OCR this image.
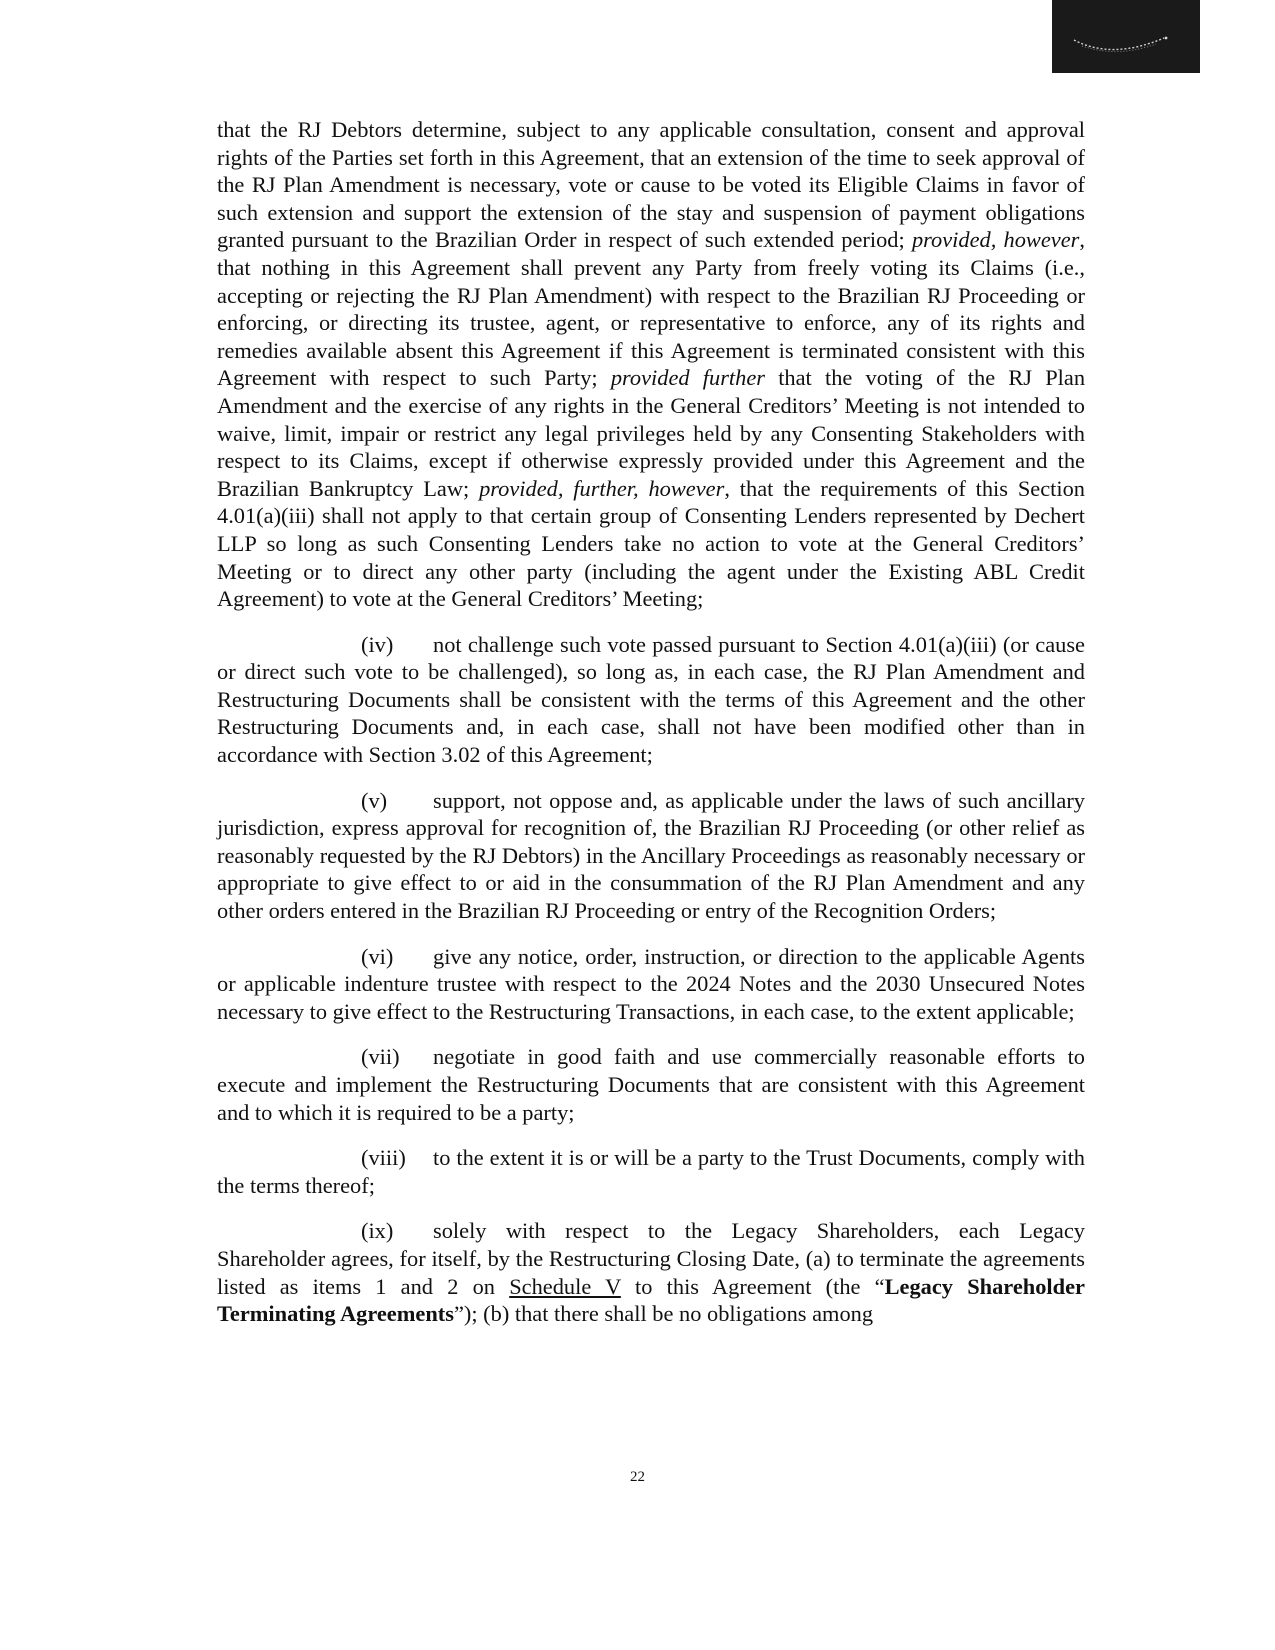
that the RJ Debtors determine, subject to any applicable consultation, consent and approval rights of the Parties set forth in this Agreement, that an extension of the time to seek approval of the RJ Plan Amendment is necessary, vote or cause to be voted its Eligible Claims in favor of such extension and support the extension of the stay and suspension of payment obligations granted pursuant to the Brazilian Order in respect of such extended period; provided, however, that nothing in this Agreement shall prevent any Party from freely voting its Claims (i.e., accepting or rejecting the RJ Plan Amendment) with respect to the Brazilian RJ Proceeding or enforcing, or directing its trustee, agent, or representative to enforce, any of its rights and remedies available absent this Agreement if this Agreement is terminated consistent with this Agreement with respect to such Party; provided further that the voting of the RJ Plan Amendment and the exercise of any rights in the General Creditors’ Meeting is not intended to waive, limit, impair or restrict any legal privileges held by any Consenting Stakeholders with respect to its Claims, except if otherwise expressly provided under this Agreement and the Brazilian Bankruptcy Law; provided, further, however, that the requirements of this Section 4.01(a)(iii) shall not apply to that certain group of Consenting Lenders represented by Dechert LLP so long as such Consenting Lenders take no action to vote at the General Creditors’ Meeting or to direct any other party (including the agent under the Existing ABL Credit Agreement) to vote at the General Creditors’ Meeting;

(iv) not challenge such vote passed pursuant to Section 4.01(a)(iii) (or cause or direct such vote to be challenged), so long as, in each case, the RJ Plan Amendment and Restructuring Documents shall be consistent with the terms of this Agreement and the other Restructuring Documents and, in each case, shall not have been modified other than in accordance with Section 3.02 of this Agreement;

(v) support, not oppose and, as applicable under the laws of such ancillary jurisdiction, express approval for recognition of, the Brazilian RJ Proceeding (or other relief as reasonably requested by the RJ Debtors) in the Ancillary Proceedings as reasonably necessary or appropriate to give effect to or aid in the consummation of the RJ Plan Amendment and any other orders entered in the Brazilian RJ Proceeding or entry of the Recognition Orders;

(vi) give any notice, order, instruction, or direction to the applicable Agents or applicable indenture trustee with respect to the 2024 Notes and the 2030 Unsecured Notes necessary to give effect to the Restructuring Transactions, in each case, to the extent applicable;

(vii) negotiate in good faith and use commercially reasonable efforts to execute and implement the Restructuring Documents that are consistent with this Agreement and to which it is required to be a party;

(viii) to the extent it is or will be a party to the Trust Documents, comply with the terms thereof;

(ix) solely with respect to the Legacy Shareholders, each Legacy Shareholder agrees, for itself, by the Restructuring Closing Date, (a) to terminate the agreements listed as items 1 and 2 on Schedule V to this Agreement (the “Legacy Shareholder Terminating Agreements”); (b) that there shall be no obligations among

22
